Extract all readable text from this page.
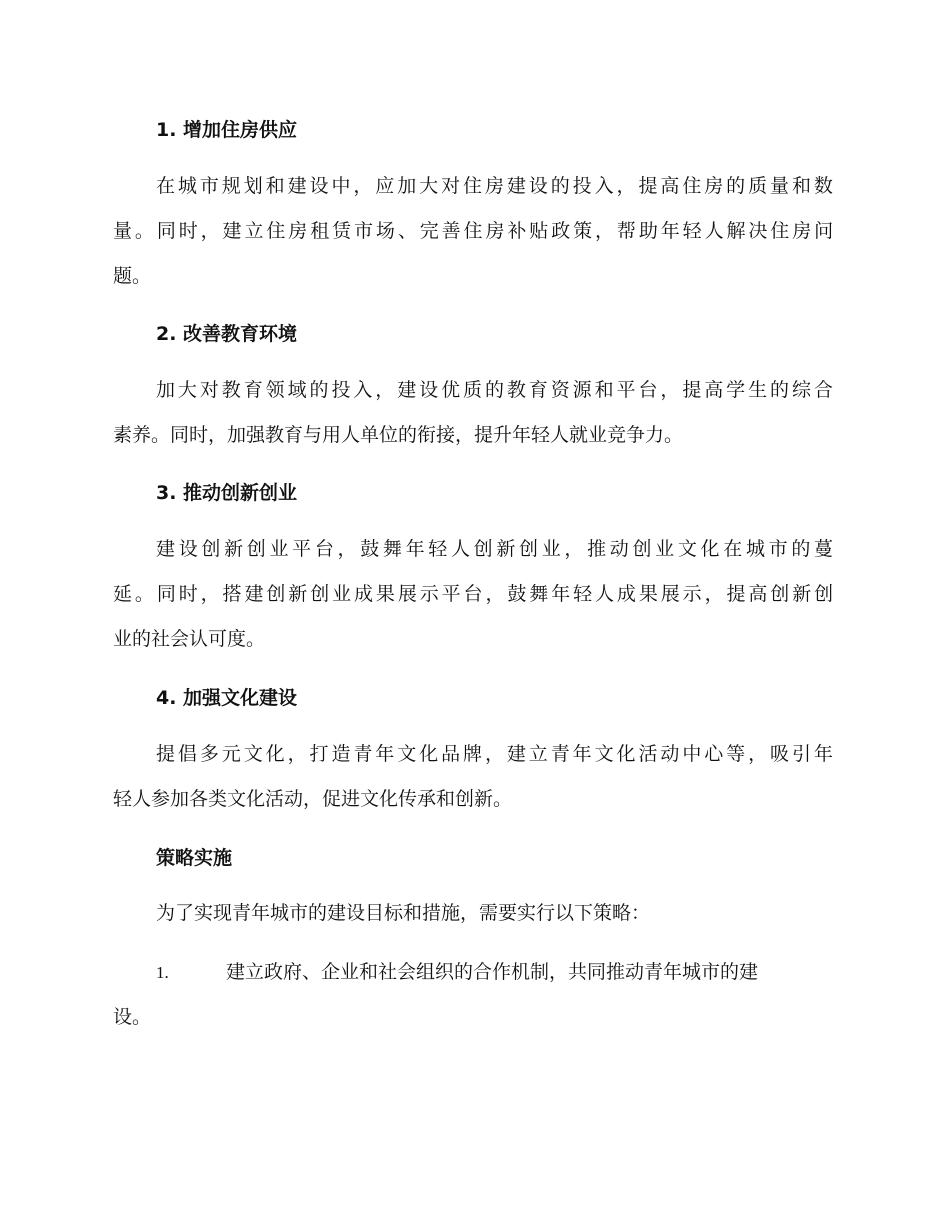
1. 增加住房供应
在城市规划和建设中，应加大对住房建设的投入，提高住房的质量和数
量。同时，建立住房租赁市场、完善住房补贴政策，帮助年轻人解决住房问
题。
2. 改善教育环境
加大对教育领域的投入，建设优质的教育资源和平台，提高学生的综合
素养。同时，加强教育与用人单位的衔接，提升年轻人就业竞争力。
3. 推动创新创业
建设创新创业平台，鼓舞年轻人创新创业，推动创业文化在城市的蔓
延。同时，搭建创新创业成果展示平台，鼓舞年轻人成果展示，提高创新创
业的社会认可度。
4. 加强文化建设
提倡多元文化，打造青年文化品牌，建立青年文化活动中心等，吸引年
轻人参加各类文化活动，促进文化传承和创新。
策略实施
为了实现青年城市的建设目标和措施，需要实行以下策略：
1.	建立政府、企业和社会组织的合作机制，共同推动青年城市的建
设。
